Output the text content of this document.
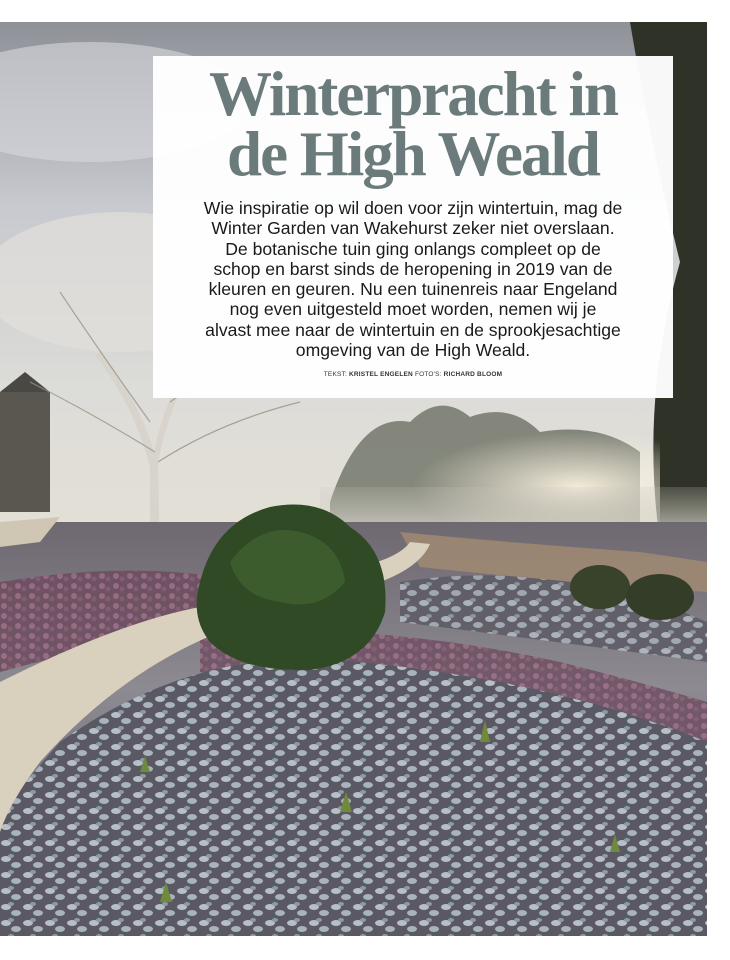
Winterpracht in
de High Weald

Wie inspiratie op wil doen voor zijn wintertuin, mag de
Winter Garden van Wakehurst zeker niet overslaan.
De botanische tuin ging onlangs compleet op de
schop en barst sinds de heropening in 2019 van de
kleuren en geuren. Nu een tuinenreis naar Engeland
nog even uitgesteld moet worden, nemen wij je
alvast mee naar de wintertuin en de sprookjesachtige
omgeving van de High Weald.

TEKST: KRISTEL ENGELEN FOTO'S: RICHARD BLOOM
